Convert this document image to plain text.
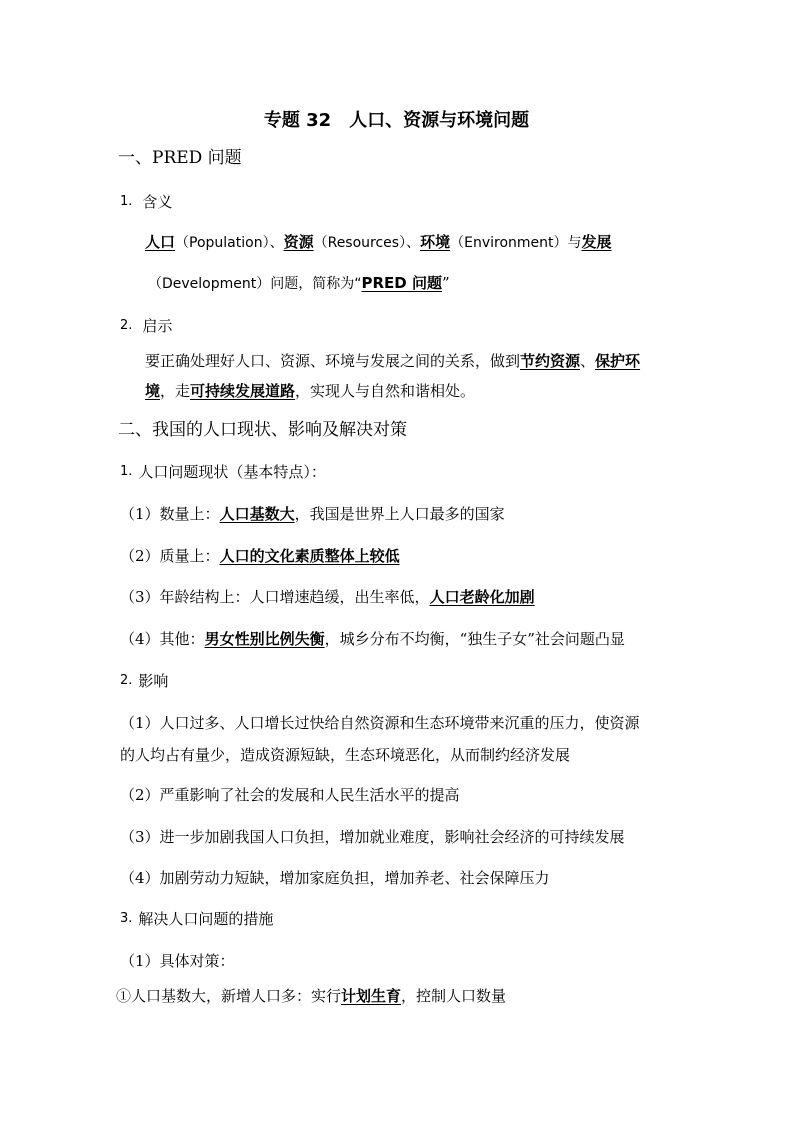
专题 32　人口、资源与环境问题
一、PRED 问题
1. 含义
人口（Population）、资源（Resources）、环境（Environment）与发展
（Development）问题，简称为“PRED 问题”
2. 启示
要正确处理好人口、资源、环境与发展之间的关系，做到节约资源、保护环
境，走可持续发展道路，实现人与自然和谐相处。
二、我国的人口现状、影响及解决对策
1. 人口问题现状（基本特点）：
（1）数量上：人口基数大，我国是世界上人口最多的国家
（2）质量上：人口的文化素质整体上较低
（3）年龄结构上：人口增速趋缓，出生率低，人口老龄化加剧
（4）其他：男女性别比例失衡，城乡分布不均衡，“独生子女”社会问题凸显
2. 影响
（1）人口过多、人口增长过快给自然资源和生态环境带来沉重的压力，使资源
的人均占有量少，造成资源短缺，生态环境恶化，从而制约经济发展
（2）严重影响了社会的发展和人民生活水平的提高
（3）进一步加剧我国人口负担，增加就业难度，影响社会经济的可持续发展
（4）加剧劳动力短缺，增加家庭负担，增加养老、社会保障压力
3. 解决人口问题的措施
（1）具体对策：
①人口基数大，新增人口多：实行计划生育，控制人口数量
